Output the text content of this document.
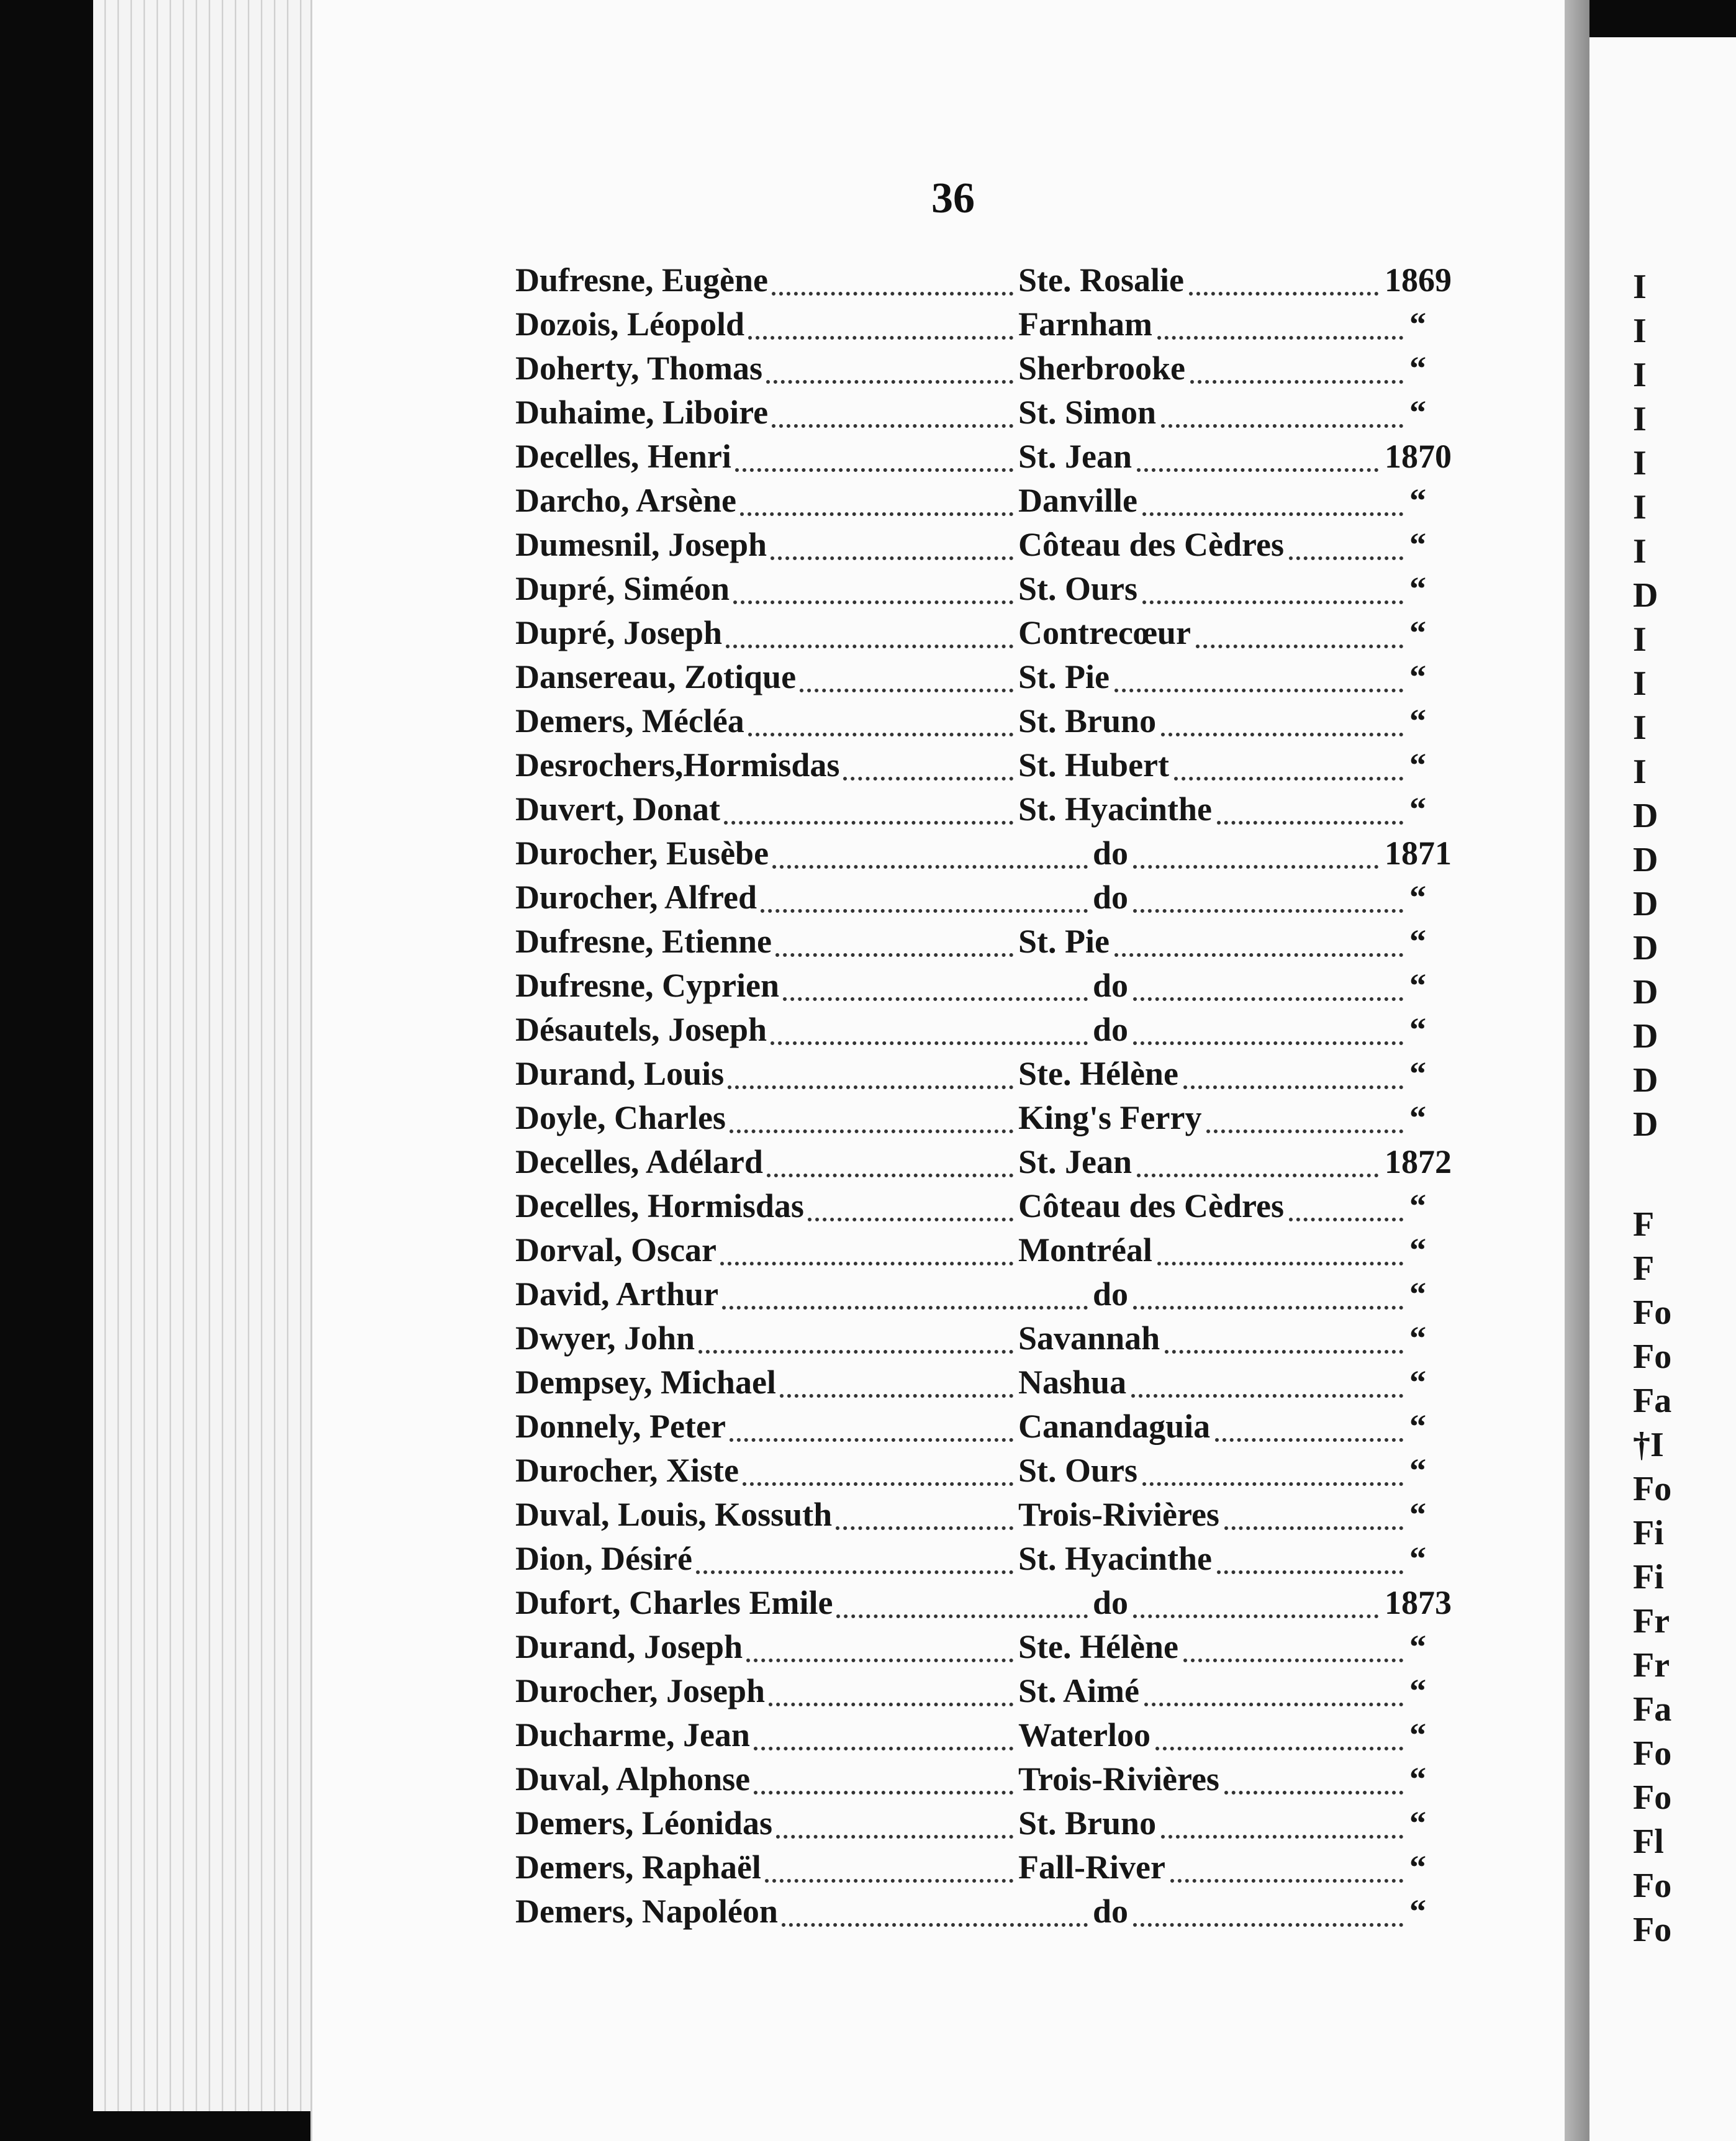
36
Dufresne, Eugène	Ste. Rosalie	1869
Dozois, Léopold	Farnham	“
Doherty, Thomas	Sherbrooke	“
Duhaime, Liboire	St. Simon	“
Decelles, Henri	St. Jean	1870
Darcho, Arsène	Danville	“
Dumesnil, Joseph	Côteau des Cèdres	“
Dupré, Siméon	St. Ours	“
Dupré, Joseph	Contrecœur	“
Dansereau, Zotique	St. Pie	“
Demers, Mécléa	St. Bruno	“
Desrochers,Hormisdas	St. Hubert	“
Duvert, Donat	St. Hyacinthe	“
Durocher, Eusèbe	do	1871
Durocher, Alfred	do	“
Dufresne, Etienne	St. Pie	“
Dufresne, Cyprien	do	“
Désautels, Joseph	do	“
Durand, Louis	Ste. Hélène	“
Doyle, Charles	King's Ferry	“
Decelles, Adélard	St. Jean	1872
Decelles, Hormisdas	Côteau des Cèdres	“
Dorval, Oscar	Montréal	“
David, Arthur	do	“
Dwyer, John	Savannah	“
Dempsey, Michael	Nashua	“
Donnely, Peter	Canandaguia	“
Durocher, Xiste	St. Ours	“
Duval, Louis, Kossuth	Trois-Rivières	“
Dion, Désiré	St. Hyacinthe	“
Dufort, Charles Emile	do	1873
Durand, Joseph	Ste. Hélène	“
Durocher, Joseph	St. Aimé	“
Ducharme, Jean	Waterloo	“
Duval, Alphonse	Trois-Rivières	“
Demers, Léonidas	St. Bruno	“
Demers, Raphaël	Fall-River	“
Demers, Napoléon	do	“
I
I
I
I
I
I
I
D
I
I
I
I
D
D
D
D
D
D
D
D
F
F
Fo
Fo
Fa
†I
Fo
Fi
Fi
Fr
Fr
Fa
Fo
Fo
Fl
Fo
Fo
